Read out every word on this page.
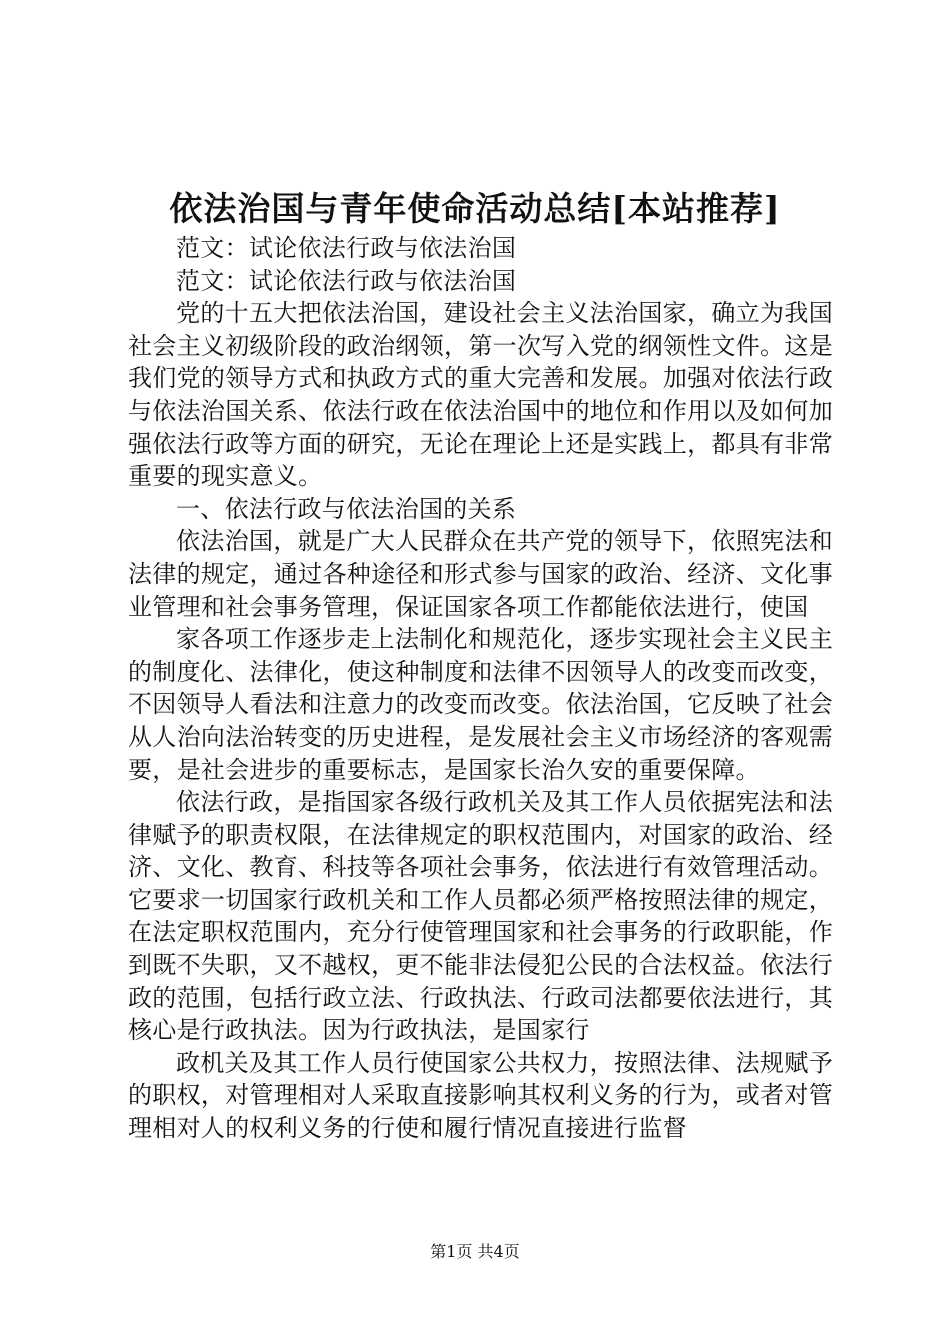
依法治国与青年使命活动总结[本站推荐]

范文：试论依法行政与依法治国

范文：试论依法行政与依法治国

党的十五大把依法治国，建设社会主义法治国家，确立为我国社会主义初级阶段的政治纲领，第一次写入党的纲领性文件。这是我们党的领导方式和执政方式的重大完善和发展。加强对依法行政与依法治国关系、依法行政在依法治国中的地位和作用以及如何加强依法行政等方面的研究，无论在理论上还是实践上，都具有非常重要的现实意义。

一、依法行政与依法治国的关系

依法治国，就是广大人民群众在共产党的领导下，依照宪法和法律的规定，通过各种途径和形式参与国家的政治、经济、文化事业管理和社会事务管理，保证国家各项工作都能依法进行，使国

家各项工作逐步走上法制化和规范化，逐步实现社会主义民主的制度化、法律化，使这种制度和法律不因领导人的改变而改变，不因领导人看法和注意力的改变而改变。依法治国，它反映了社会从人治向法治转变的历史进程，是发展社会主义市场经济的客观需要，是社会进步的重要标志，是国家长治久安的重要保障。

依法行政，是指国家各级行政机关及其工作人员依据宪法和法律赋予的职责权限，在法律规定的职权范围内，对国家的政治、经济、文化、教育、科技等各项社会事务，依法进行有效管理活动。它要求一切国家行政机关和工作人员都必须严格按照法律的规定，在法定职权范围内，充分行使管理国家和社会事务的行政职能，作到既不失职，又不越权，更不能非法侵犯公民的合法权益。依法行政的范围，包括行政立法、行政执法、行政司法都要依法进行，其核心是行政执法。因为行政执法，是国家行

政机关及其工作人员行使国家公共权力，按照法律、法规赋予的职权，对管理相对人采取直接影响其权利义务的行为，或者对管理相对人的权利义务的行使和履行情况直接进行监督

第1页 共4页
